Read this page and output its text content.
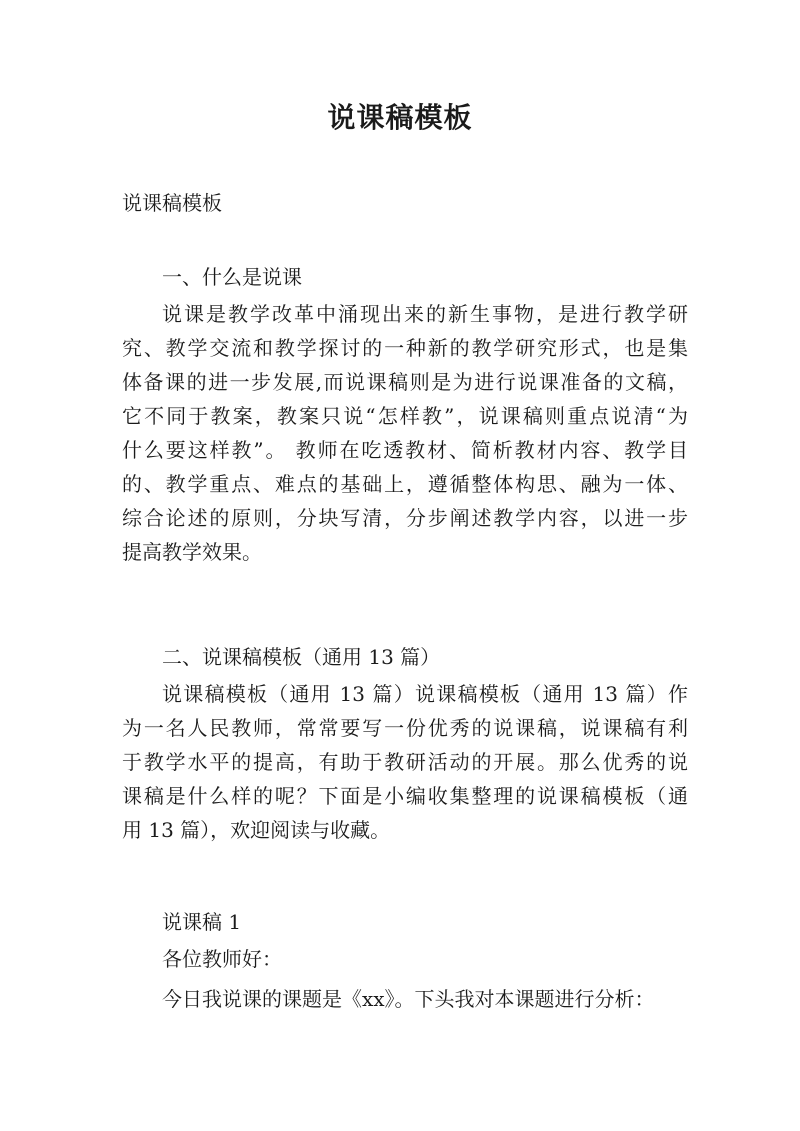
说课稿模板
说课稿模板
一、什么是说课
说课是教学改革中涌现出来的新生事物，是进行教学研
究、教学交流和教学探讨的一种新的教学研究形式，也是集
体备课的进一步发展,而说课稿则是为进行说课准备的文稿，
它不同于教案，教案只说“怎样教”，说课稿则重点说清“为
什么要这样教”。 教师在吃透教材、简析教材内容、教学目
的、教学重点、难点的基础上，遵循整体构思、融为一体、
综合论述的原则，分块写清，分步阐述教学内容，以进一步
提高教学效果。
二、说课稿模板（通用 13 篇）
说课稿模板（通用 13 篇）说课稿模板（通用 13 篇）作
为一名人民教师，常常要写一份优秀的说课稿，说课稿有利
于教学水平的提高，有助于教研活动的开展。那么优秀的说
课稿是什么样的呢？下面是小编收集整理的说课稿模板（通
用 13 篇），欢迎阅读与收藏。
说课稿 1
各位教师好：
今日我说课的课题是《xx》。下头我对本课题进行分析：
